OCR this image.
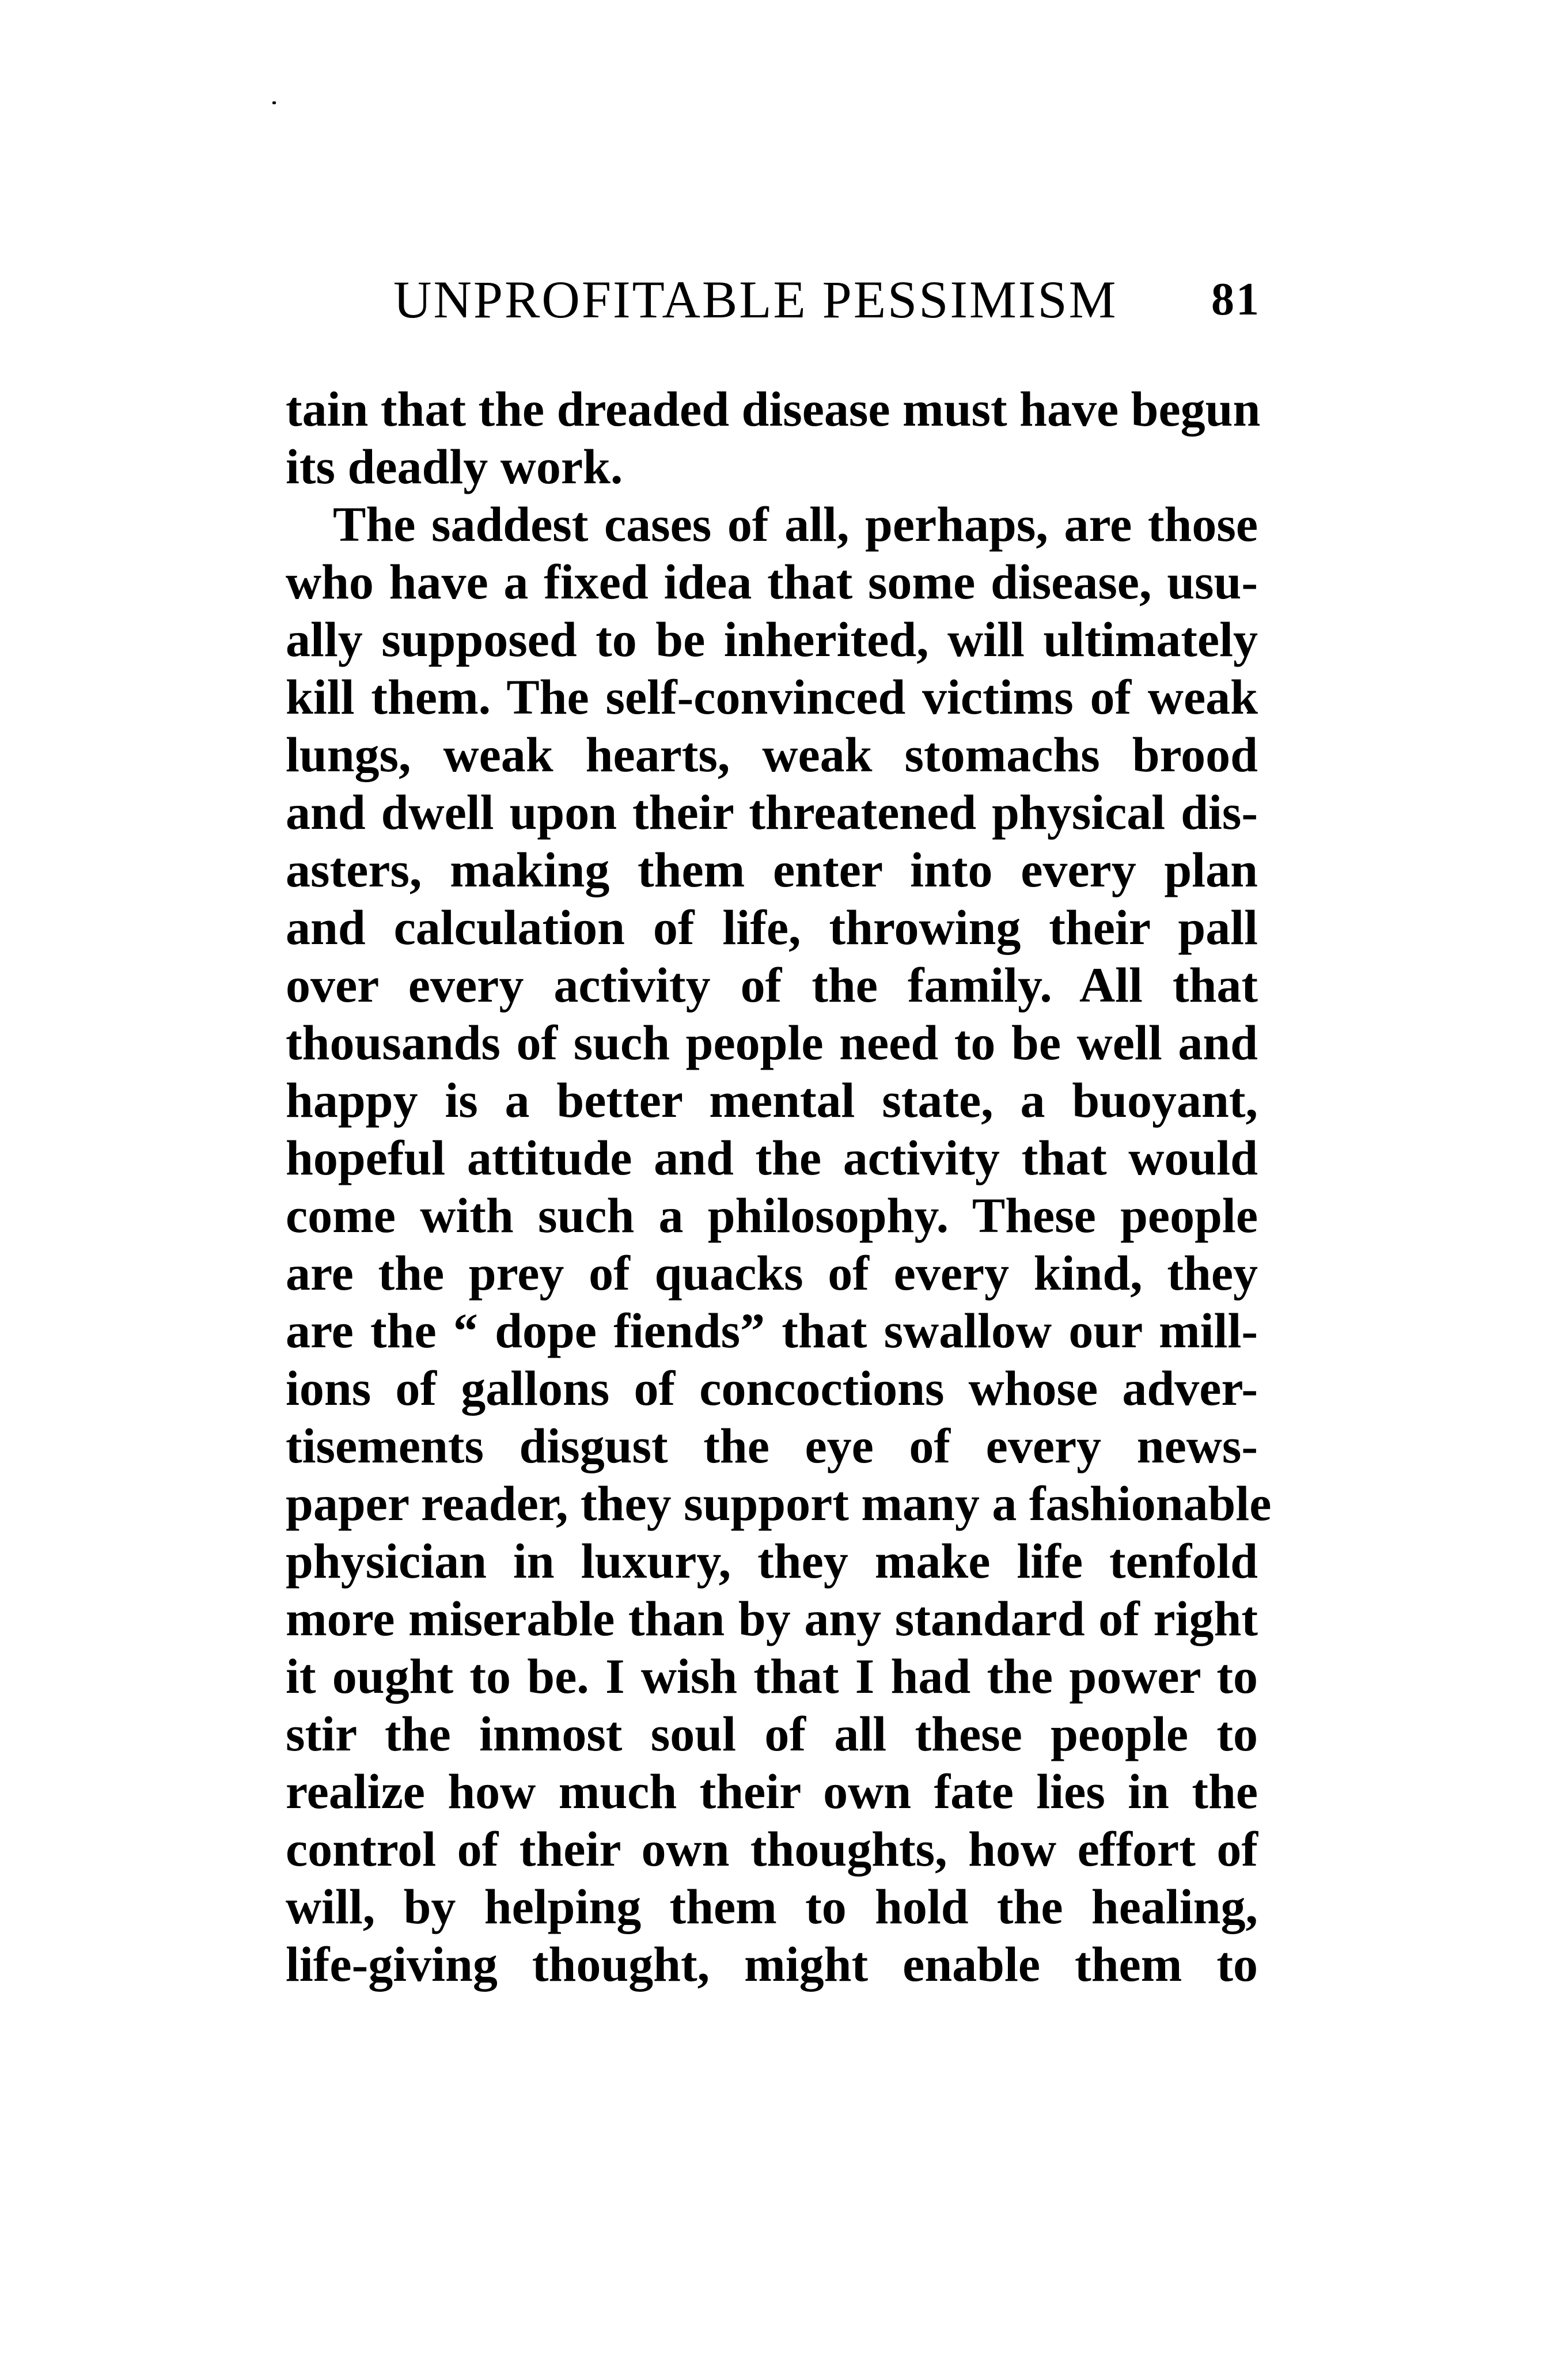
UNPROFITABLE PESSIMISM 81
tain that the dreaded disease must have begun
its deadly work.
The saddest cases of all, perhaps, are those
who have a fixed idea that some disease, usu-
ally supposed to be inherited, will ultimately
kill them. The self-convinced victims of weak
lungs, weak hearts, weak stomachs brood
and dwell upon their threatened physical dis-
asters, making them enter into every plan
and calculation of life, throwing their pall
over every activity of the family. All that
thousands of such people need to be well and
happy is a better mental state, a buoyant,
hopeful attitude and the activity that would
come with such a philosophy. These people
are the prey of quacks of every kind, they
are the “ dope fiends” that swallow our mill-
ions of gallons of concoctions whose adver-
tisements disgust the eye of every news-
paper reader, they support many a fashionable
physician in luxury, they make life tenfold
more miserable than by any standard of right
it ought to be. I wish that I had the power to
stir the inmost soul of all these people to
realize how much their own fate lies in the
control of their own thoughts, how effort of
will, by helping them to hold the healing,
life-giving thought, might enable them to
